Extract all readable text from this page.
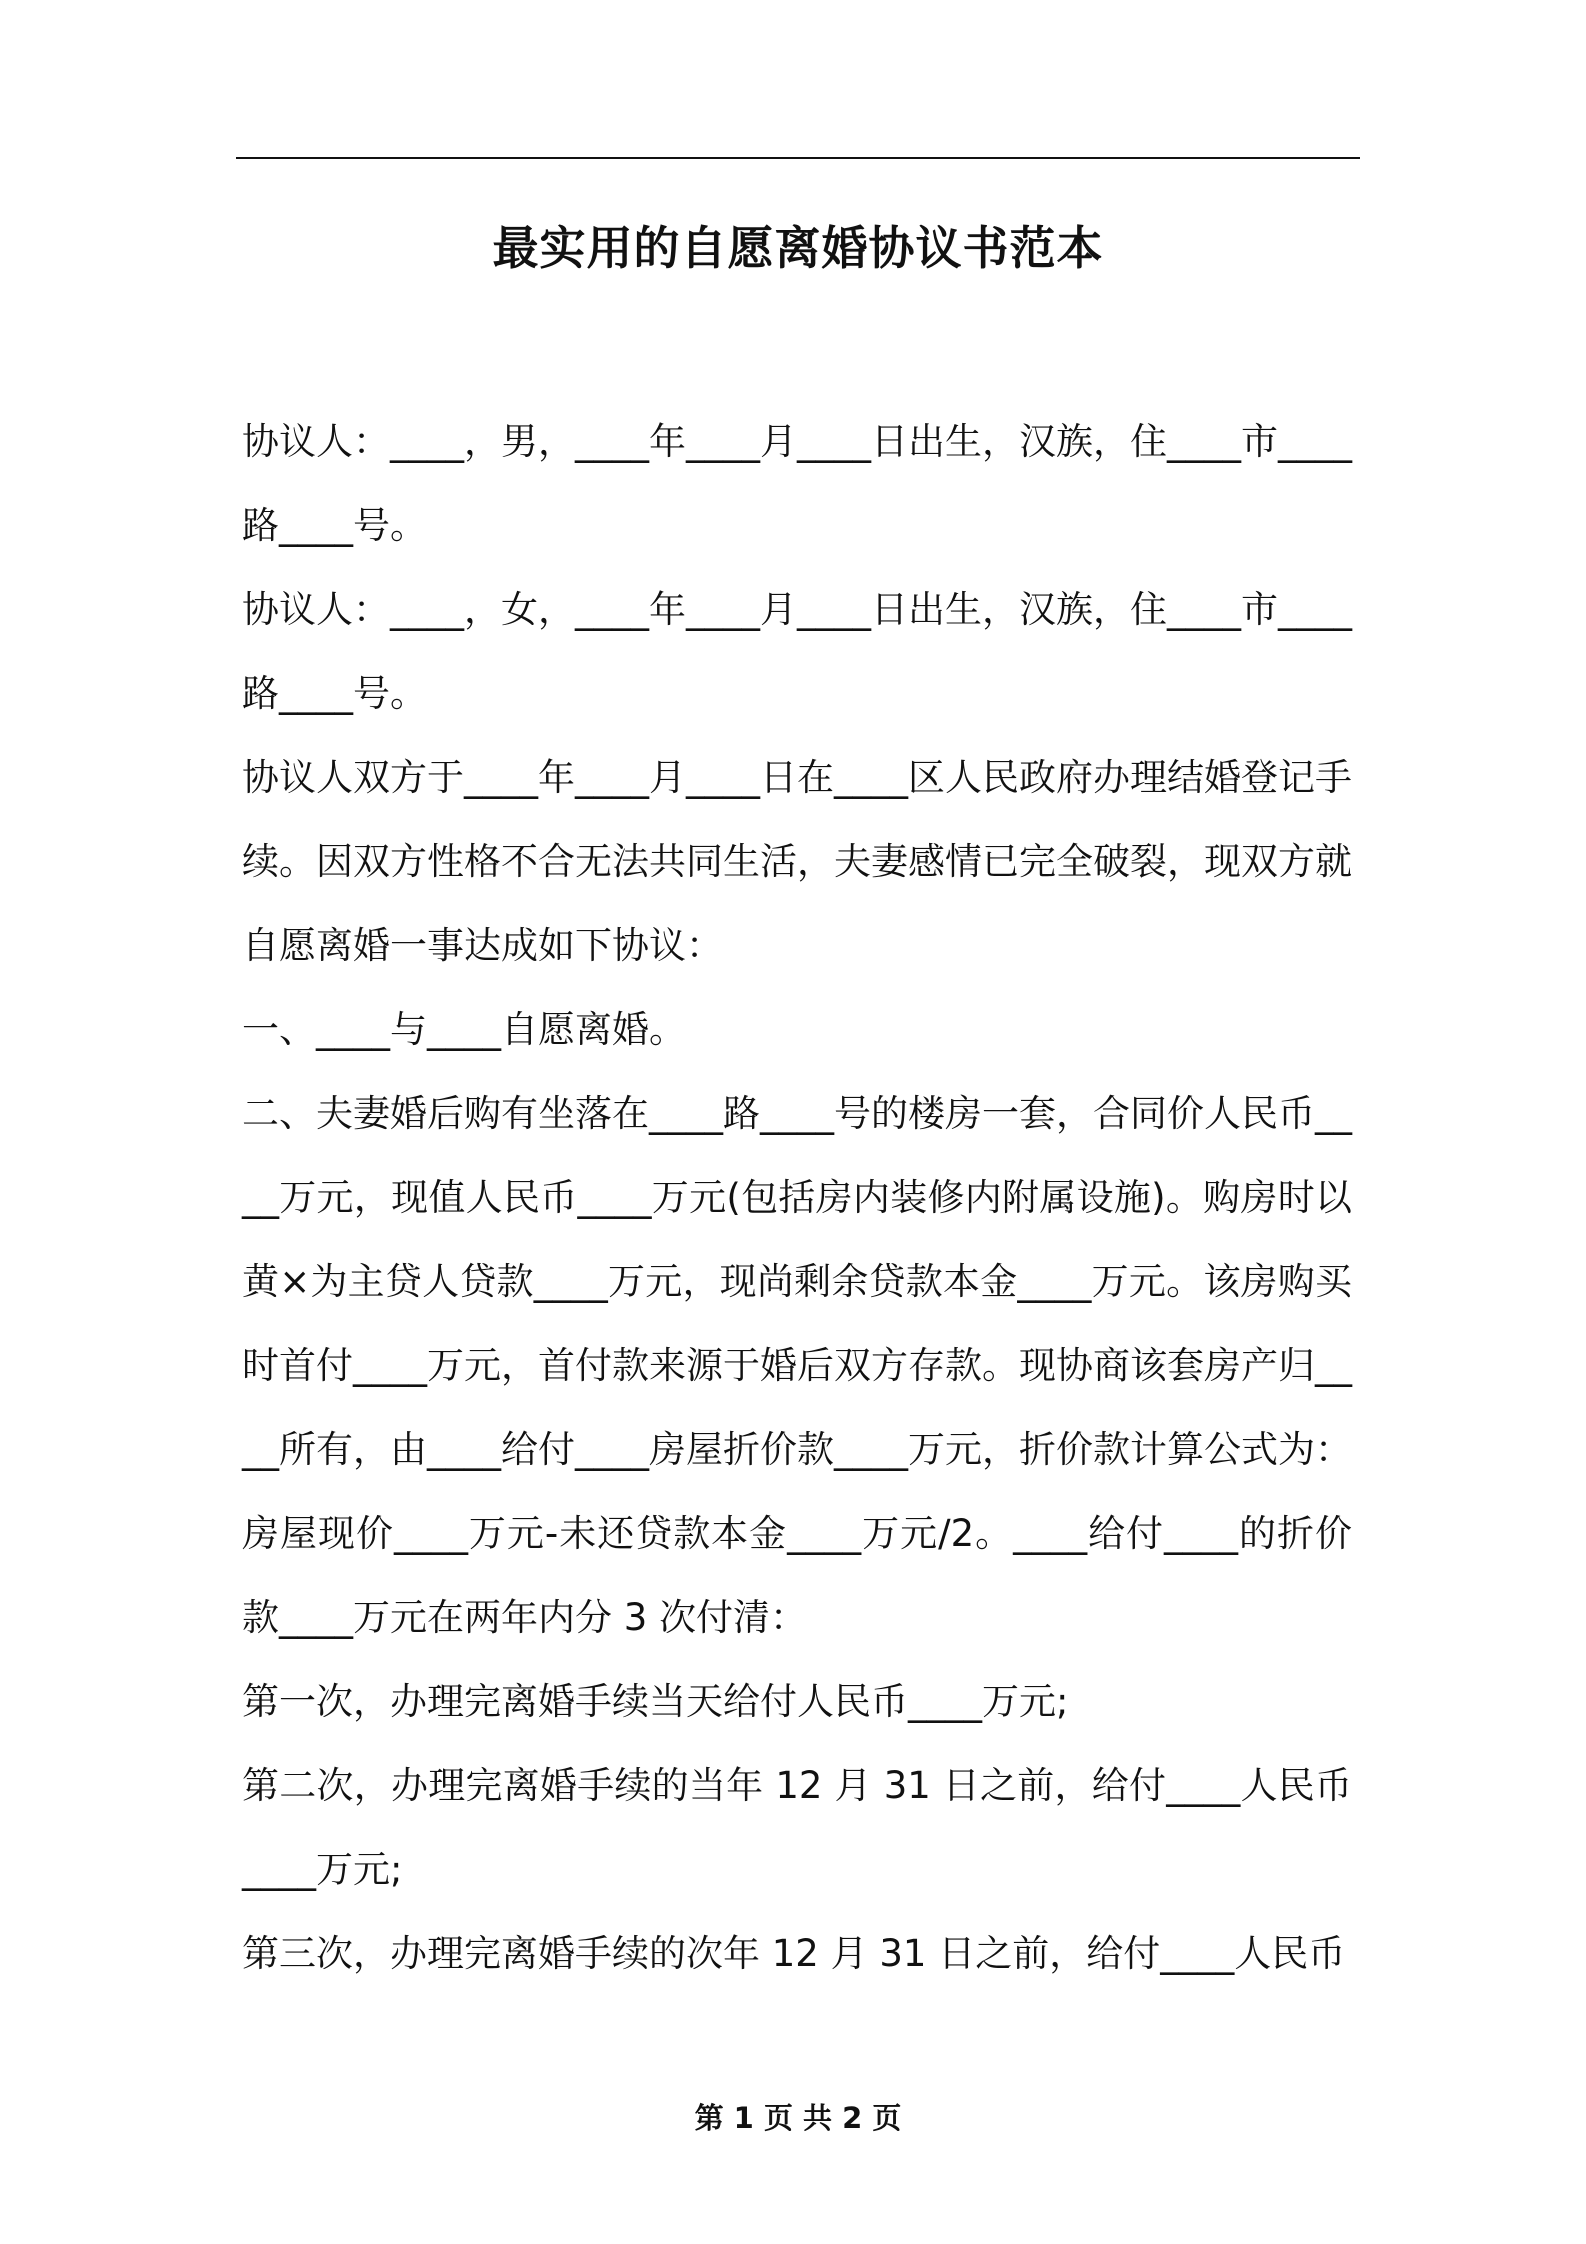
最实用的自愿离婚协议书范本

协议人：____，男，____年____月____日出生，汉族，住____市____路____号。

协议人：____，女，____年____月____日出生，汉族，住____市____路____号。

协议人双方于____年____月____日在____区人民政府办理结婚登记手续。因双方性格不合无法共同生活，夫妻感情已完全破裂，现双方就自愿离婚一事达成如下协议：

一、____与____自愿离婚。

二、夫妻婚后购有坐落在____路____号的楼房一套，合同价人民币____万元，现值人民币____万元(包括房内装修内附属设施)。购房时以黄×为主贷人贷款____万元，现尚剩余贷款本金____万元。该房购买时首付____万元，首付款来源于婚后双方存款。现协商该套房产归____所有，由____给付____房屋折价款____万元，折价款计算公式为：房屋现价____万元-未还贷款本金____万元/2。____给付____的折价款____万元在两年内分 3 次付清：

第一次，办理完离婚手续当天给付人民币____万元;

第二次，办理完离婚手续的当年 12 月 31 日之前，给付____人民币____万元;

第三次，办理完离婚手续的次年 12 月 31 日之前，给付____人民币

第 1 页 共 2 页
